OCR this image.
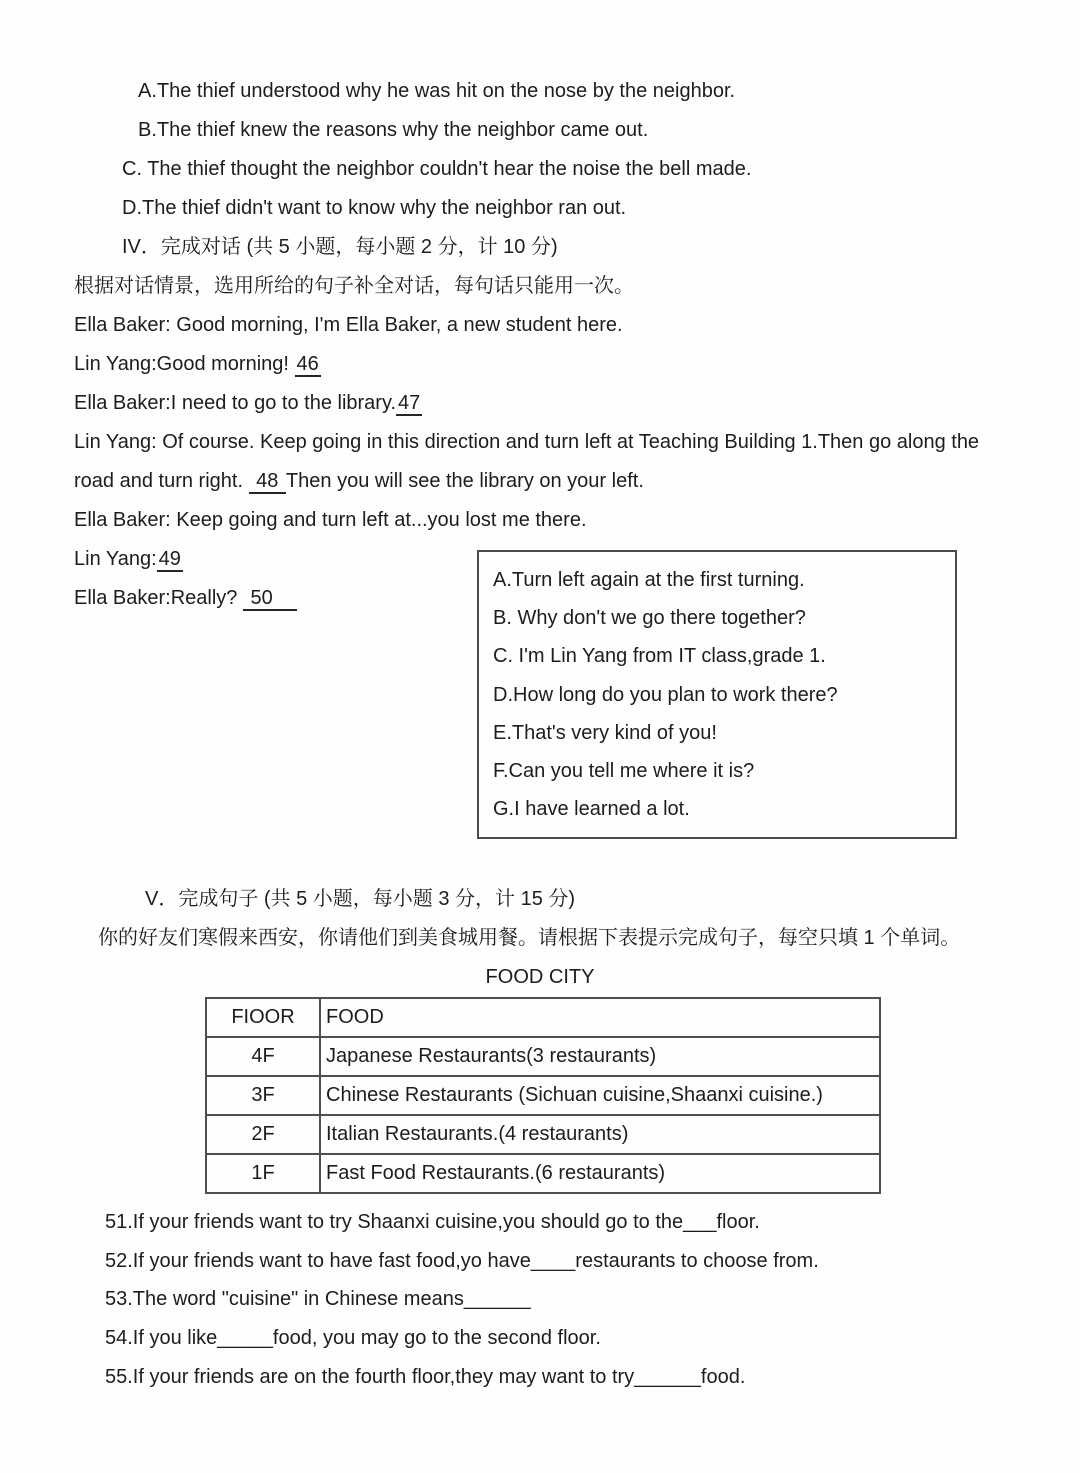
A.The thief understood why he was hit on the nose by the neighbor.

B.The thief knew the reasons why the neighbor came out.

C. The thief thought the neighbor couldn't hear the noise the bell made.

D.The thief didn't want to know why the neighbor ran out.

IV．完成对话 (共 5 小题，每小题 2 分，计 10 分)

根据对话情景，选用所给的句子补全对话，每句话只能用一次。

Ella Baker: Good morning, I'm Ella Baker, a new student here.

Lin Yang:Good morning! 46

Ella Baker:I need to go to the library. 47

Lin Yang: Of course. Keep going in this direction and turn left at Teaching Building 1.Then go along the road and turn right.  48 Then you will see the library on your left.

Ella Baker: Keep going and turn left at...you lost me there.

Lin Yang: 49

Ella Baker:Really?  50

A.Turn left again at the first turning.

B. Why don't we go there together?

C. I'm Lin Yang from IT class,grade 1.

D.How long do you plan to work there?

E.That's very kind of you!

F.Can you tell me where it is?

G.I have learned a lot.

V．完成句子 (共 5 小题，每小题 3 分，计 15 分)

你的好友们寒假来西安，你请他们到美食城用餐。请根据下表提示完成句子，每空只填 1 个单词。

FOOD CITY

FIOOR	FOOD
4F	Japanese Restaurants(3 restaurants)
3F	Chinese Restaurants (Sichuan cuisine,Shaanxi cuisine.)
2F	Italian Restaurants.(4 restaurants)
1F	Fast Food Restaurants.(6 restaurants)

51.If your friends want to try Shaanxi cuisine,you should go to the___floor.

52.If your friends want to have fast food,yo have____restaurants to choose from.

53.The word "cuisine" in Chinese means______

54.If you like_____food, you may go to the second floor.

55.If your friends are on the fourth floor,they may want to try______food.
